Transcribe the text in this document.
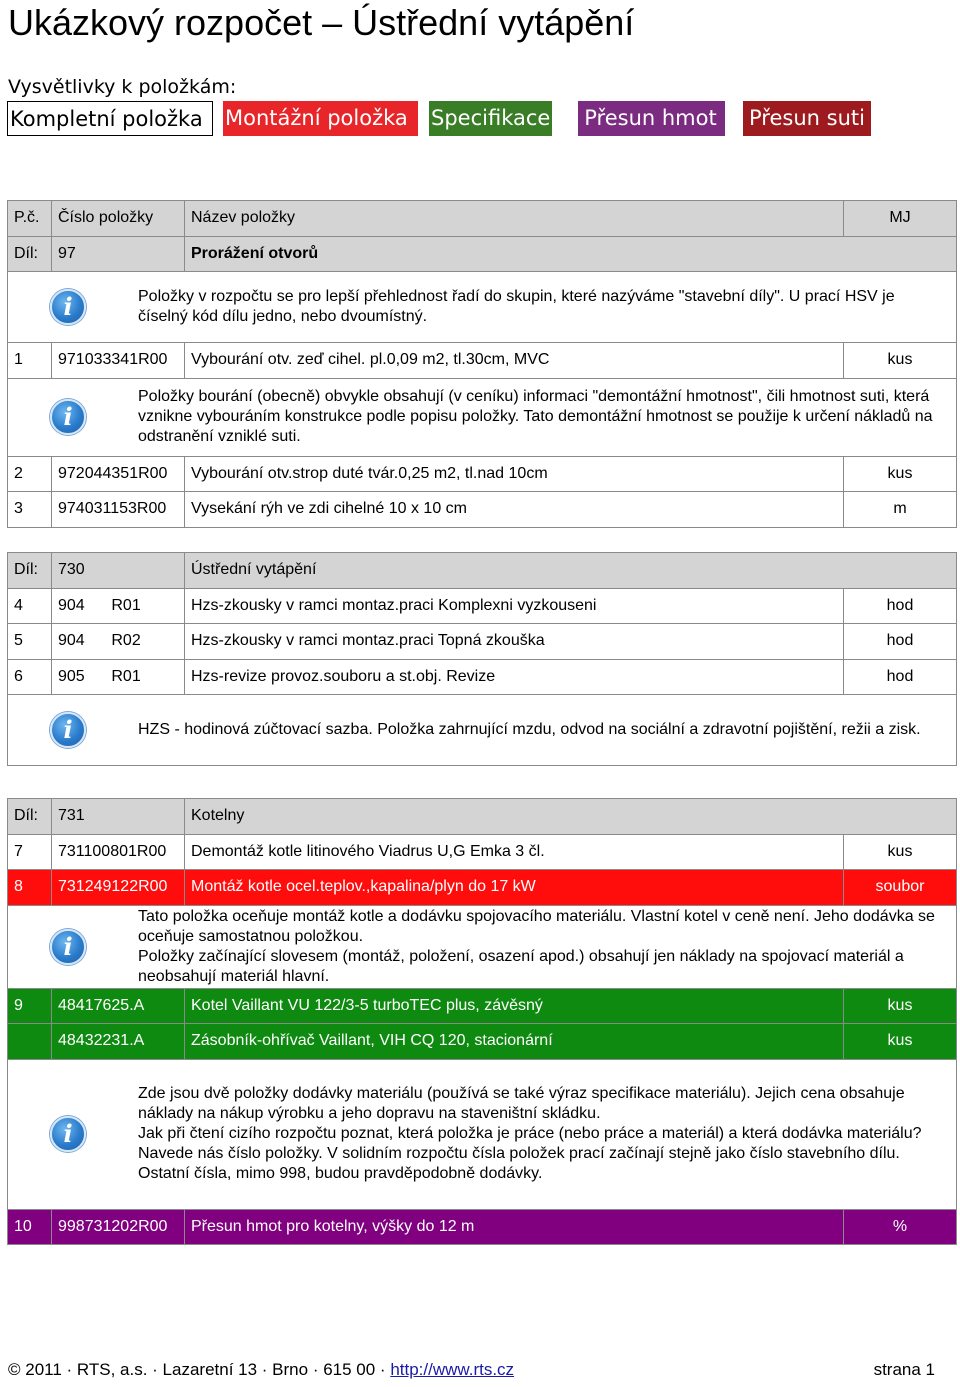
Ukázkový rozpočet – Ústřední vytápění
Vysvětlivky k položkám:
Kompletní položka	Montážní položka	Specifikace Přesun hmot	Přesun suti
P.č.	Číslo položky	Název položky	MJ
Díl:	97	Prorážení otvorů	

i Položky v rozpočtu se pro lepší přehlednost řadí do skupin, které nazýváme "stavební díly". U prací HSV je číselný kód dílu jedno, nebo dvoumístný.			

1	971033341R00	Vybourání otv. zeď cihel. pl.0,09 m2, tl.30cm, MVC	kus

i

Položky bourání (obecně) obvykle obsahují (v ceníku) informaci "demontážní hmotnost", čili hmotnost suti, která vznikne vybouráním konstrukce podle popisu položky. Tato demontážní hmotnost se použije k určení nákladů na odstranění vzniklé suti.			

2	972044351R00	Vybourání otv.strop duté tvár.0,25 m2, tl.nad 10cm	kus
3	974031153R00	Vysekání rýh ve zdi cihelné 10 x 10 cm	m
Díl:	730	Ústřední vytápění	
4	904      R01	Hzs-zkousky v ramci montaz.praci Komplexni vyzkouseni	hod
5	904      R02	Hzs-zkousky v ramci montaz.praci Topná zkouška	hod
6	905      R01	Hzs-revize provoz.souboru a st.obj. Revize	hod

i HZS - hodinová zúčtovací sazba. Položka zahrnující mzdu, odvod na sociální a zdravotní pojištění, režii a zisk.			

Díl:	731	Kotelny	
7	731100801R00	Demontáž kotle litinového Viadrus U,G Emka 3 čl.	kus
8	731249122R00	Montáž kotle ocel.teplov.,kapalina/plyn do 17 kW	soubor

i

Tato položka oceňuje montáž kotle a dodávku spojovacího materiálu. Vlastní kotel v ceně není. Jeho dodávka se oceňuje samostatnou položkou.

Položky začínající slovesem (montáž, položení, osazení apod.) obsahují jen náklady na spojovací materiál a neobsahují materiál hlavní.			

9	48417625.A	Kotel Vaillant VU 122/3-5 turboTEC plus, závěsný	kus
	48432231.A	Zásobník-ohřívač Vaillant, VIH CQ 120, stacionární	kus

i

Zde jsou dvě položky dodávky materiálu (používá se také výraz specifikace materiálu). Jejich cena obsahuje náklady na nákup výrobku a jeho dopravu na staveništní skládku.

Jak při čtení cizího rozpočtu poznat, která položka je práce (nebo práce a materiál) a která dodávka materiálu?

Navede nás číslo položky. V solidním rozpočtu čísla položek prací začínají stejně jako číslo stavebního dílu. Ostatní čísla, mimo 998, budou pravděpodobně dodávky.			

10	998731202R00	Přesun hmot pro kotelny, výšky do 12 m	%
© 2011 · RTS, a.s. · Lazaretní 13 · Brno · 615 00 · http://www.rts.cz	strana 1
